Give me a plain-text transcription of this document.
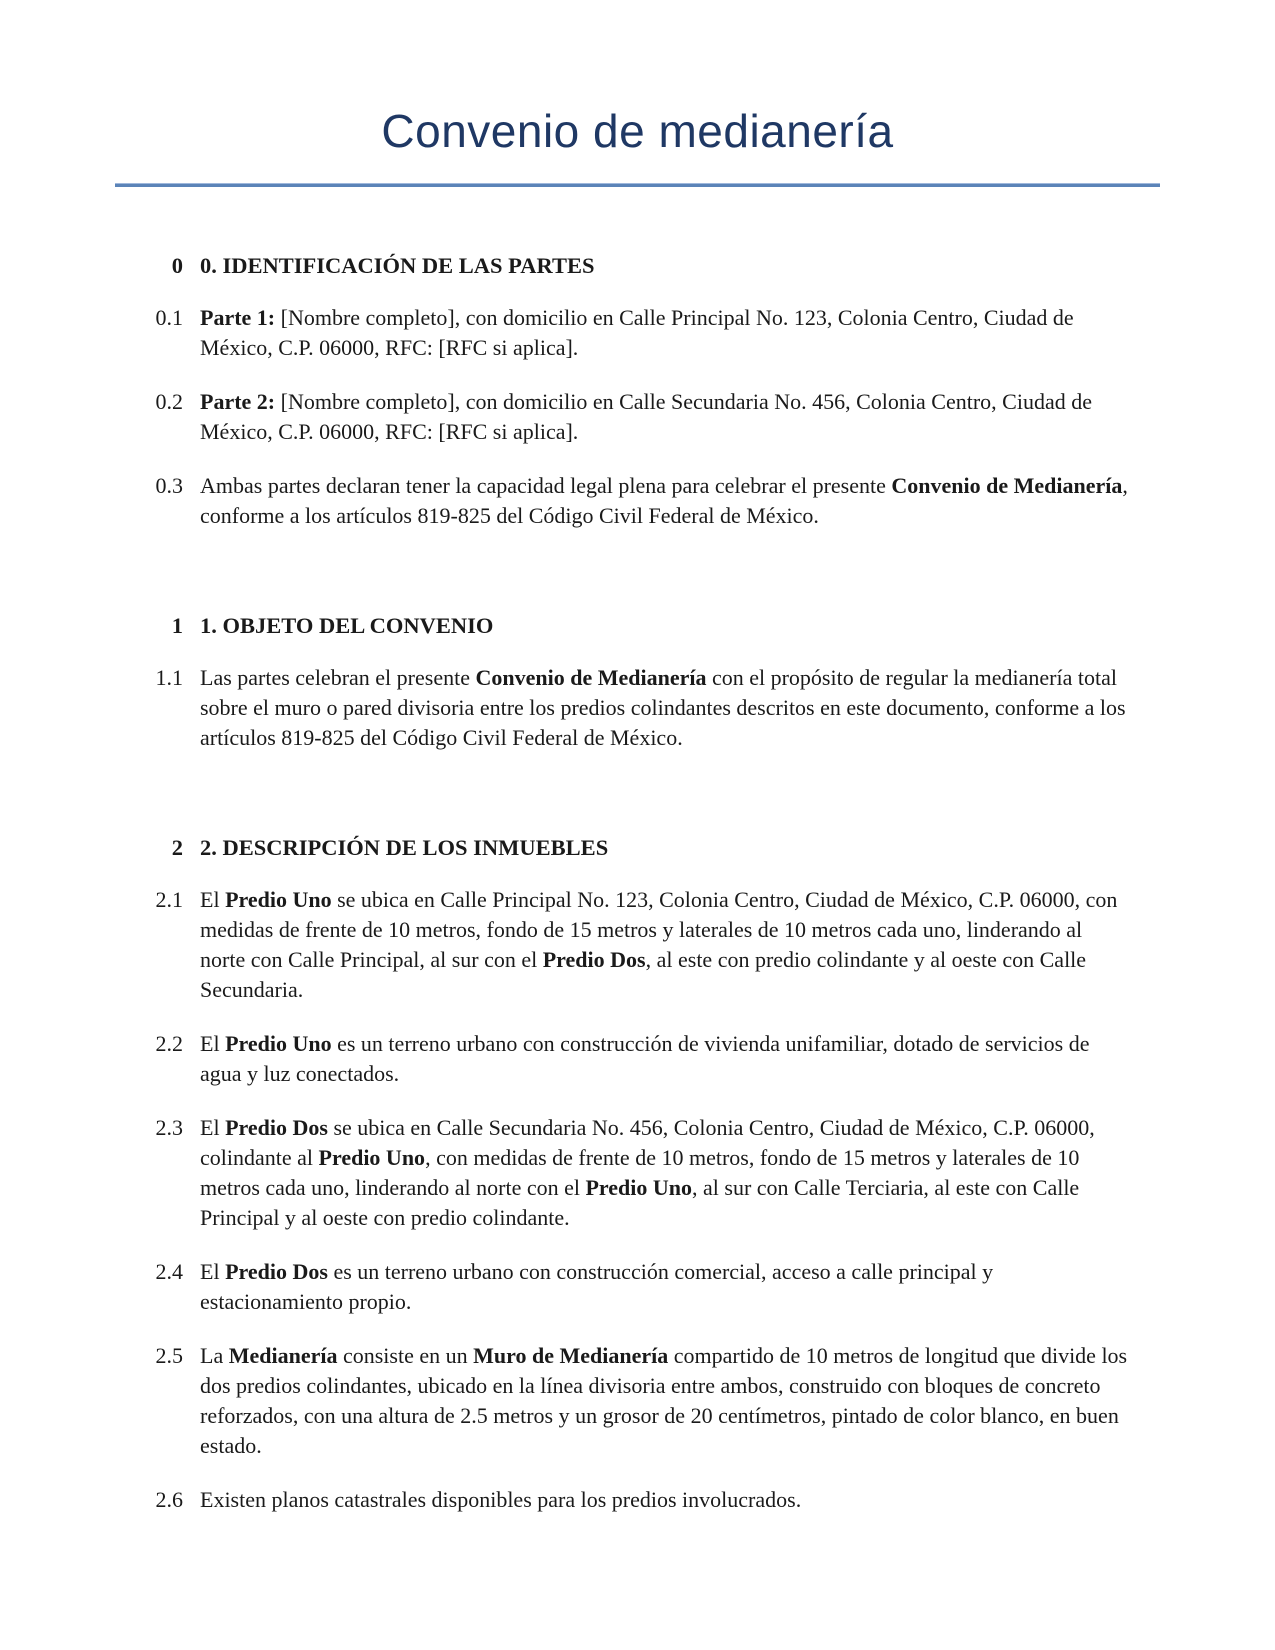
Convenio de medianería
0 0. IDENTIFICACIÓN DE LAS PARTES
0.1 Parte 1: [Nombre completo], con domicilio en Calle Principal No. 123, Colonia Centro, Ciudad de México, C.P. 06000, RFC: [RFC si aplica].
0.2 Parte 2: [Nombre completo], con domicilio en Calle Secundaria No. 456, Colonia Centro, Ciudad de México, C.P. 06000, RFC: [RFC si aplica].
0.3 Ambas partes declaran tener la capacidad legal plena para celebrar el presente Convenio de Medianería, conforme a los artículos 819-825 del Código Civil Federal de México.
1 1. OBJETO DEL CONVENIO
1.1 Las partes celebran el presente Convenio de Medianería con el propósito de regular la medianería total sobre el muro o pared divisoria entre los predios colindantes descritos en este documento, conforme a los artículos 819-825 del Código Civil Federal de México.
2 2. DESCRIPCIÓN DE LOS INMUEBLES
2.1 El Predio Uno se ubica en Calle Principal No. 123, Colonia Centro, Ciudad de México, C.P. 06000, con medidas de frente de 10 metros, fondo de 15 metros y laterales de 10 metros cada uno, linderando al norte con Calle Principal, al sur con el Predio Dos, al este con predio colindante y al oeste con Calle Secundaria.
2.2 El Predio Uno es un terreno urbano con construcción de vivienda unifamiliar, dotado de servicios de agua y luz conectados.
2.3 El Predio Dos se ubica en Calle Secundaria No. 456, Colonia Centro, Ciudad de México, C.P. 06000, colindante al Predio Uno, con medidas de frente de 10 metros, fondo de 15 metros y laterales de 10 metros cada uno, linderando al norte con el Predio Uno, al sur con Calle Terciaria, al este con Calle Principal y al oeste con predio colindante.
2.4 El Predio Dos es un terreno urbano con construcción comercial, acceso a calle principal y estacionamiento propio.
2.5 La Medianería consiste en un Muro de Medianería compartido de 10 metros de longitud que divide los dos predios colindantes, ubicado en la línea divisoria entre ambos, construido con bloques de concreto reforzados, con una altura de 2.5 metros y un grosor de 20 centímetros, pintado de color blanco, en buen estado.
2.6 Existen planos catastrales disponibles para los predios involucrados.
